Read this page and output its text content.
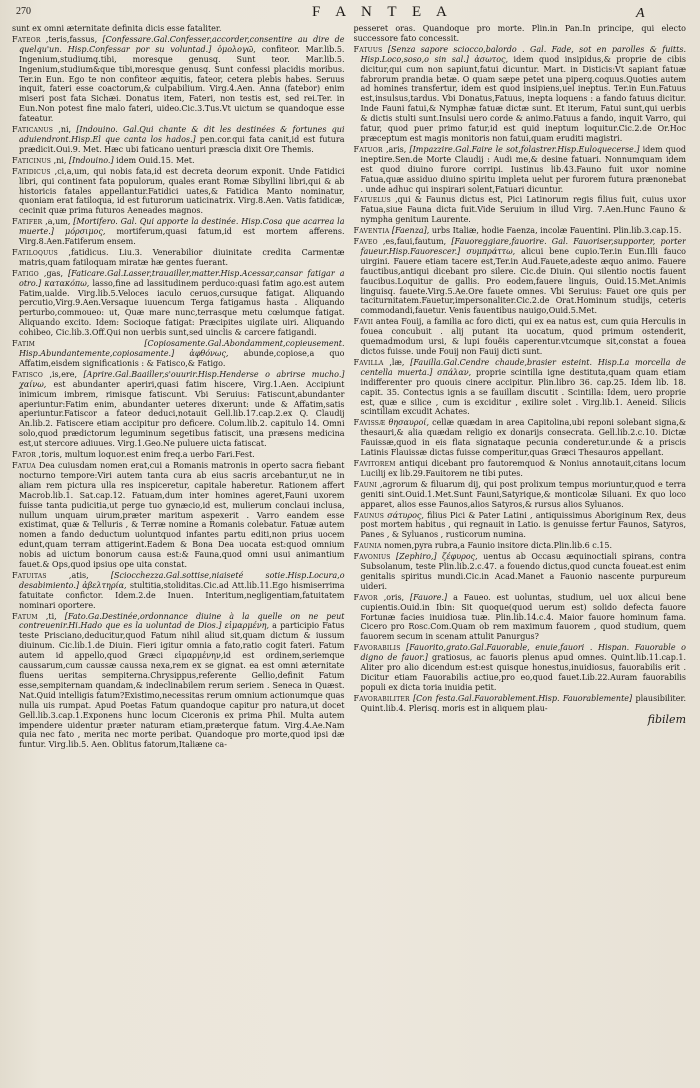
270	F A N T E A	A

sunt ex omni æternitate definita dicis esse fataliter.

Fateor ,teris,fassus, [Confessare.Gal.Confesser,accorder,consentire au dire de quelqu'un. Hisp.Confessar por su voluntad.] ὁμολογῶ, confiteor. Mar.lib.5. Ingenium,studiumq.tibi, moresque genusq. Sunt teor. Mar.lib.5. Ingenium,studium&que tibi,moresque genusq. Sunt confessi placidis moribus. Ter.in Eun. Ego te non confiteor æquitis, fateor, cetera plebis habes. Seruus inquit, fateri esse coactorum,& culpabilium. Virg.4.Aen. Anna (fatebor) enim miseri post fata Sichæi. Donatus item, Fateri, non testis est, sed rei.Ter. in Eun.Non potest fine malo fateri, uideo.Cic.3.Tus.Vt uictum se quandoque esse fateatur.

Faticanus ,ni, [Indouino. Gal.Qui chante & dit les destinées & fortunes qui aduiendront.Hisp.El que canta los hados.] pen.cor.qui fata canit,id est futura prædicit.Oui.9. Met. Hæc ubi faticano uenturi præscia dixit Ore Themis.

Faticinus ,ni, [Indouino.] idem Ouid.15. Met.

Fatidicus ,ci,a,um, qui nobis fata,id est decreta deorum exponit. Unde Fatidici libri, qui continent fata populorum, quales erant Romæ Sibyllini libri,qui & ab historicis fatales appellantur.Fatidici uates,& Fatidica Manto nominatur, quoniam erat fatiloqua, id est futurorum uaticinatrix. Virg.8.Aen. Vatis fatidicæ, cecinit quæ prima futuros Aeneades magnos.

Fatifer ,a,um, [Mortifero. Gal. Qui apporte la destinée. Hisp.Cosa que acarrea la muerte.] μόρσιμος, mortiferum,quasi fatum,id est mortem afferens. Virg.8.Aen.Fatiferum ensem.

Fatiloquus ,fatidicus. Liu.3. Venerabilior diuinitate credita Carmentæ matris,quam fatiloquam miratæ hæ gentes fuerant.

Fatigo ,gas, [Faticare.Gal.Lasser,trauailler,matter.Hisp.Acessar,cansar fatigar a otro.] κατακόπω, lasso,fine ad lassitudinem perduco:quasi fatim ago.est autem Fatim,ualde. Virg.lib.5.Veloces iaculo ceruos,cursuque fatigat. Aliquando percutio,Virg.9.Aen.Versaque iuuencum Terga fatigamus hasta . Aliquando perturbo,commoueo: ut, Quæ mare nunc,terrasque metu cœlumque fatigat. Aliquando excito. Idem: Socioque fatigat: Præcipites uigilate uiri. Aliquando cohibeo, Cic.lib.3.Off.Qui non uerbis sunt,sed uinclis & carcere fatigandi.

Fatim	[Copiosamente.Gal.Abondamment,copieusement. Hisp.Abundantemente,copiosamente.] ἀφθόνως, abunde,copiose,a quo Affatim,eisdem significationis : & Fatisco,& Fatigo.

Fatisco ,is,ere, [Aprire.Gal.Baailler,s'ouurir.Hisp.Henderse o abrirse mucho.] χαίνω, est abundanter aperiri,quasi fatim hiscere, Virg.1.Aen. Accipiunt inimicum imbrem, rimisque fatiscunt. Vbi Seruius: Fatiscunt,abundanter aperiuntur:Fatim enim, abundanter ueteres dixerunt: unde & Affatim,satis aperiuntur.Fatiscor a fateor deduci,notauit Gell.lib.17.cap.2.ex Q. Claudij An.lib.2. Fatiscere etiam accipitur pro deficere. Colum.lib.2. capitulo 14. Omni solo,quod prædictorum leguminum segetibus fatiscit, una præsens medicina est,ut stercore adiuues. Virg.1.Geo.Ne puluere uicta fatiscat.

Fator ,toris, multum loquor.est enim freq.a uerbo Fari.Fest.

Fatua Dea cuiusdam nomen erat,cui a Romanis matronis in operto sacra fiebant nocturno tempore:Viri autem tanta cura ab eius sacris arcebantur,ut ne in aliam rem pictura ulla res inspiceretur, capitale haberetur. Rationem affert Macrob.lib.1. Sat.cap.12. Fatuam,dum inter homines ageret,Fauni uxorem fuisse tanta pudicitia,ut perge tuo gynæcio,id est, mulierum conclaui inclusa, nullum unquam uirum,præter maritum aspexerit . Varro eandem esse existimat, quæ & Telluris , & Terræ nomine a Romanis colebatur. Fatuæ autem nomen a fando deductum uoluntquod infantes partu editi,non prius uocem edunt,quam terram attigerint.Eadem & Bona Dea uocata est:quod omnium nobis ad uictum bonorum causa est:& Fauna,quod omni usui animantium fauet.& Ops,quod ipsius ope uita constat.

Fatuitas	,atis,	[Sciocchezza.Gal.sottise,niaiseté sotie.Hisp.Locura,o desabimiento.] ἀβελτηρία, stultitia,stoliditas.Cic.ad Att.lib.11.Ego hismiserrima fatuitate confictor. Idem.2.de Inuen. Interitum,negligentiam,fatuitatem nominari oportere.

Fatum ,ti, [Fato.Ga.Destinée,ordonnance diuine à la quelle on ne peut contreuenir.Hi.Hado que es la uoluntad de Dios.] εἱμαρμένη, a participio Fatus teste Prisciano,deducitur,quod Fatum nihil aliud sit,quam dictum & iussum diuinum. Cic.lib.1.de Diuin. Fieri igitur omnia a fato,ratio cogit fateri. Fatum autem id appello,quod Græci εἱμαρμένην,id est ordinem,seriemque caussarum,cum caussæ caussa nexa,rem ex se gignat. ea est omni æternitate fluens ueritas sempiterna.Chrysippus,referente Gellio,definit Fatum esse,sempiternam quandam,& indeclinabilem rerum seriem . Seneca in Quæst. Nat.Quid intelligis fatum?Existimo,necessitas rerum omnium actionumque quas nulla uis rumpat. Apud Poetas Fatum quandoque capitur pro natura,ut docet Gell.lib.3.cap.1.Exponens hunc locum Ciceronis ex prima Phil. Multa autem impendere uidentur præter naturam etiam,præterque fatum. Virg.4.Ae.Nam quia nec fato , merita nec morte peribat. Quandoque pro morte,quod ipsi dæ funtur. Virg.lib.5. Aen. Oblitus fatorum,Italiæne ca-

pesseret oras. Quandoque pro morte. Plin.in Pan.In principe, qui electo successore fato concessit.

Fatuus [Senza sapore sciocco,balordo . Gal. Fade, sot en parolles & fuitts. Hisp.Loco,soso,o sin sal.] ἀσωτος, idem quod insipidus,& proprie de cibis dicitur,qui cum non sapiunt,fatui dicuntur. Mart. in Disticis:Vt sapiant fatuæ fabrorum prandia betæ. O quam sæpe petet una piperq.coquus.Quoties autem ad homines transfertur, idem est quod insipiens,uel ineptus. Ter.in Eun.Fatuus est,insulsus,tardus. Vbi Donatus,Fatuus, inepta loquens : a fando fatuus dicitur. Inde Fauni fatui,& Nymphæ fatuæ dictæ sunt. Et iterum, Fatui sunt,qui uerbis & dictis stulti sunt.Insulsi uero corde & animo.Fatuus a fando, inquit Varro, qui fatur, quod puer primo fatur,id est quid ineptum loquitur.Cic.2.de Or.Hoc præceptum est magis monitoris non fatui,quam eruditi magistri.

Fatuor ,aris, [Impazzire.Gal.Faire le sot,folastrer.Hisp.Euloquecerse.] idem quod ineptire.Sen.de Morte Claudij : Audi me,& desine fatuari. Nonnumquam idem est quod diuino furore corripi. Iustinus lib.43.Fauno fuit uxor nomine Fatua,quæ assiduo diuino spiritu impleta uelut per furorem futura prænonebat . unde adhuc qui inspirari solent,Fatuari dicuntur.

Fatuelus ,qui & Faunus dictus est, Pici Latinorum regis filius fuit, cuius uxor Fatua,siue Fauna dicta fuit.Vide Seruium in illud Virg. 7.Aen.Hunc Fauno & nympha genitum Laurente.

Faventia [Faenza], urbs Italiæ, hodie Faenza, incolæ Fauentini. Plin.lib.3.cap.15.

Faveo ,es,faui,fautum, [Fauoreggiare,fauorire. Gal. Fauoriser,supporter, porter faueur.Hisp.Fauorescer.] συμπράττω, alicui bene cupio.Ter.in Eun.Illi fauco uirgini. Fauere etiam tacere est,Ter.in Aud.Fauete,adeste æquo animo. Fauere fauctibus,antiqui dicebant pro silere. Cic.de Diuin. Qui silentio noctis fauent faucibus.Loquitur de gallis. Pro eodem,fauere linguis, Ouid.15.Met.Animis linguisq. fauete.Virg.5.Ae.Ore fauete omnes. Vbi Seruius: Fauet ore quis per taciturnitatem.Fauetur,impersonaliter.Cic.2.de Orat.Hominum studijs, ceteris commodandi,fauetur. Venis fauentibus nauigo,Ouid.5.Met.

Favii antea Fouij, a familia ac foro dicti, qui ex ea natus est, cum quia Herculis in fouea concubuit . alij putant ita uocatum, quod primum ostenderit, quemadmodum ursi, & lupi fouëis caperentur.vtcumque sit,constat a fouea dictos fuisse. unde Fouij non Fauij dicti sunt.

Favilla ,læ, [Fauilla.Gal.Cendre chaude,brasier esteint. Hisp.La morcella de centella muerta.] σπάλαν, proprie scintilla igne destituta,quam quam etiam indifferenter pro quouis cinere accipitur. Plin.libro 36. cap.25. Idem lib. 18. capit. 35. Contectus ignis a se fauillam discutit . Scintilla: Idem, uero proprie est, quæ e silice , cum is exciditur , exilire solet . Virg.lib.1. Aeneid. Silicis scintillam excudit Achates.

Favissæ θησαυροί, cellæ quædam in area Capitolina,ubi reponi solebant signa,& thesauri,& alia quædam religio ex donarijs consecrata. Gell.lib.2.c.10. Dictæ Fauissæ,quod in eis flata signataque pecunia conderetur.unde & a priscis Latinis Flauissæ dictas fuisse comperitur,quas Græci Thesauros appellant.

Favitorem antiqui dicebant pro fautoremquod & Nonius annotauit,citans locum Lucilij ex lib.29.Fauitorem ne tibi putes.

Fauni ,agrorum & filuarum dij, qui post prolixum tempus moriuntur,quod e terra geniti sint.Ouid.1.Met.Sunt Fauni,Satyrique,& monticolæ Siluani. Ex quo loco apparet, alios esse Faunos,alios Satyros,& rursus alios Syluanos.

Faunus σάτυρος, filius Pici & Pater Latini , antiquissimus Aboriginum Rex, deus post mortem habitus , qui regnauit in Latio. is genuisse fertur Faunos, Satyros, Panes , & Syluanos , rusticorum numina.

Faunia nomen,pyra rubra,a Faunio insitore dicta.Plin.lib.6 c.15.

Favonius [Zephiro,] ζέφυρος, uentus ab Occasu æquinoctiali spirans, contra Subsolanum, teste Plin.lib.2.c.47. a fouendo dictus,quod cuncta foueat.est enim genitalis spiritus mundi.Cic.in Acad.Manet a Fauonio nascente purpureum uideri.

Favor ,oris, [Fauore.] a Faueo. est uoluntas, studium, uel uox alicui bene cupientis.Ouid.in Ibin: Sit quoque(quod uerum est) solido defecta fauore Fortunæ facies inuidiosa tuæ. Plin.lib.14.c.4. Maior fauore hominum fama. Cicero pro Rosc.Com.Quam ob rem maximum fauorem , quod studium, quem fauorem secum in scenam attulit Panurgus?

Favorabilis [Fauorito,grato.Gal.Fauorable, enuie,fauori . Hispan. Fauorable o digno de fauor.] gratiosus, ac fauoris plenus apud omnes. Quint.lib.11.cap.1. Aliter pro alio dicendum est:est quisque honestus,inuidiosus, fauorabilis erit . Dicitur etiam Fauorabilis actiue,pro eo,quod fauet.Lib.22.Auram fauorabilis populi ex dicta toria inuidia petit.

Favorabiliter [Con festa.Gal.Fauorablement.Hisp. Fauorablemente] plausibiliter. Quint.lib.4. Plerisq. moris est in aliquem plau-

fibilem
